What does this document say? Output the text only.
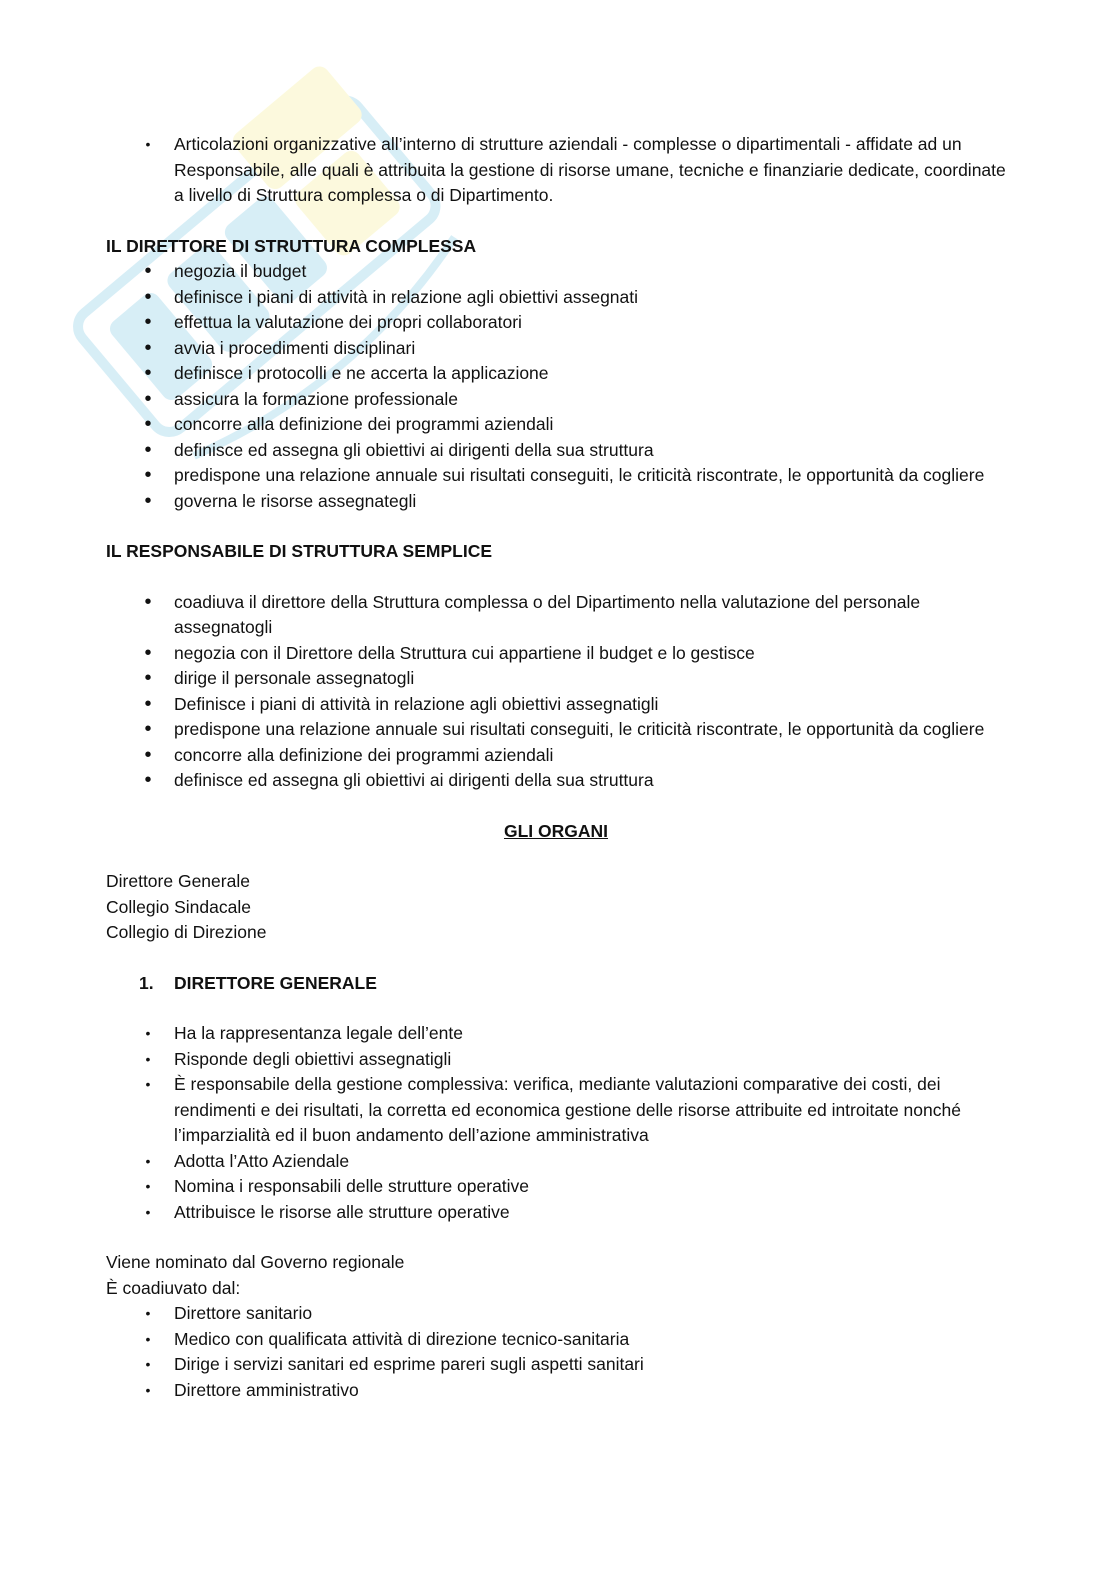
• Articolazioni organizzative all’interno di strutture aziendali - complesse o dipartimentali - affidate ad un Responsabile, alle quali è attribuita la gestione di risorse umane, tecniche e finanziarie dedicate, coordinate a livello di Struttura complessa o di Dipartimento.
IL DIRETTORE DI STRUTTURA COMPLESSA
• negozia il budget
• definisce i piani di attività in relazione agli obiettivi assegnati
• effettua la valutazione dei propri collaboratori
• avvia i procedimenti disciplinari
• definisce i protocolli e ne accerta la applicazione
• assicura la formazione professionale
• concorre alla definizione dei programmi aziendali
• definisce ed assegna gli obiettivi ai dirigenti della sua struttura
• predispone una relazione annuale sui risultati conseguiti, le criticità riscontrate, le opportunità da cogliere
• governa le risorse assegnategli
IL RESPONSABILE DI STRUTTURA SEMPLICE
• coadiuva il direttore della Struttura complessa o del Dipartimento nella valutazione del personale assegnatogli
• negozia con il Direttore della Struttura cui appartiene il budget e lo gestisce
• dirige il personale assegnatogli
• Definisce i piani di attività in relazione agli obiettivi assegnatigli
• predispone una relazione annuale sui risultati conseguiti, le criticità riscontrate, le opportunità da cogliere
• concorre alla definizione dei programmi aziendali
• definisce ed assegna gli obiettivi ai dirigenti della sua struttura
GLI ORGANI

Direttore Generale

Collegio Sindacale

Collegio di Direzione

1. DIRETTORE GENERALE
• Ha la rappresentanza legale dell’ente
• Risponde degli obiettivi assegnatigli
• È responsabile della gestione complessiva: verifica, mediante valutazioni comparative dei costi, dei rendimenti e dei risultati, la corretta ed economica gestione delle risorse attribuite ed introitate nonché l’imparzialità ed il buon andamento dell’azione amministrativa
• Adotta l’Atto Aziendale
• Nomina i responsabili delle strutture operative
• Attribuisce le risorse alle strutture operative

Viene nominato dal Governo regionale

È coadiuvato dal:

• Direttore sanitario
• Medico con qualificata attività di direzione tecnico-sanitaria
• Dirige i servizi sanitari ed esprime pareri sugli aspetti sanitari
• Direttore amministrativo
